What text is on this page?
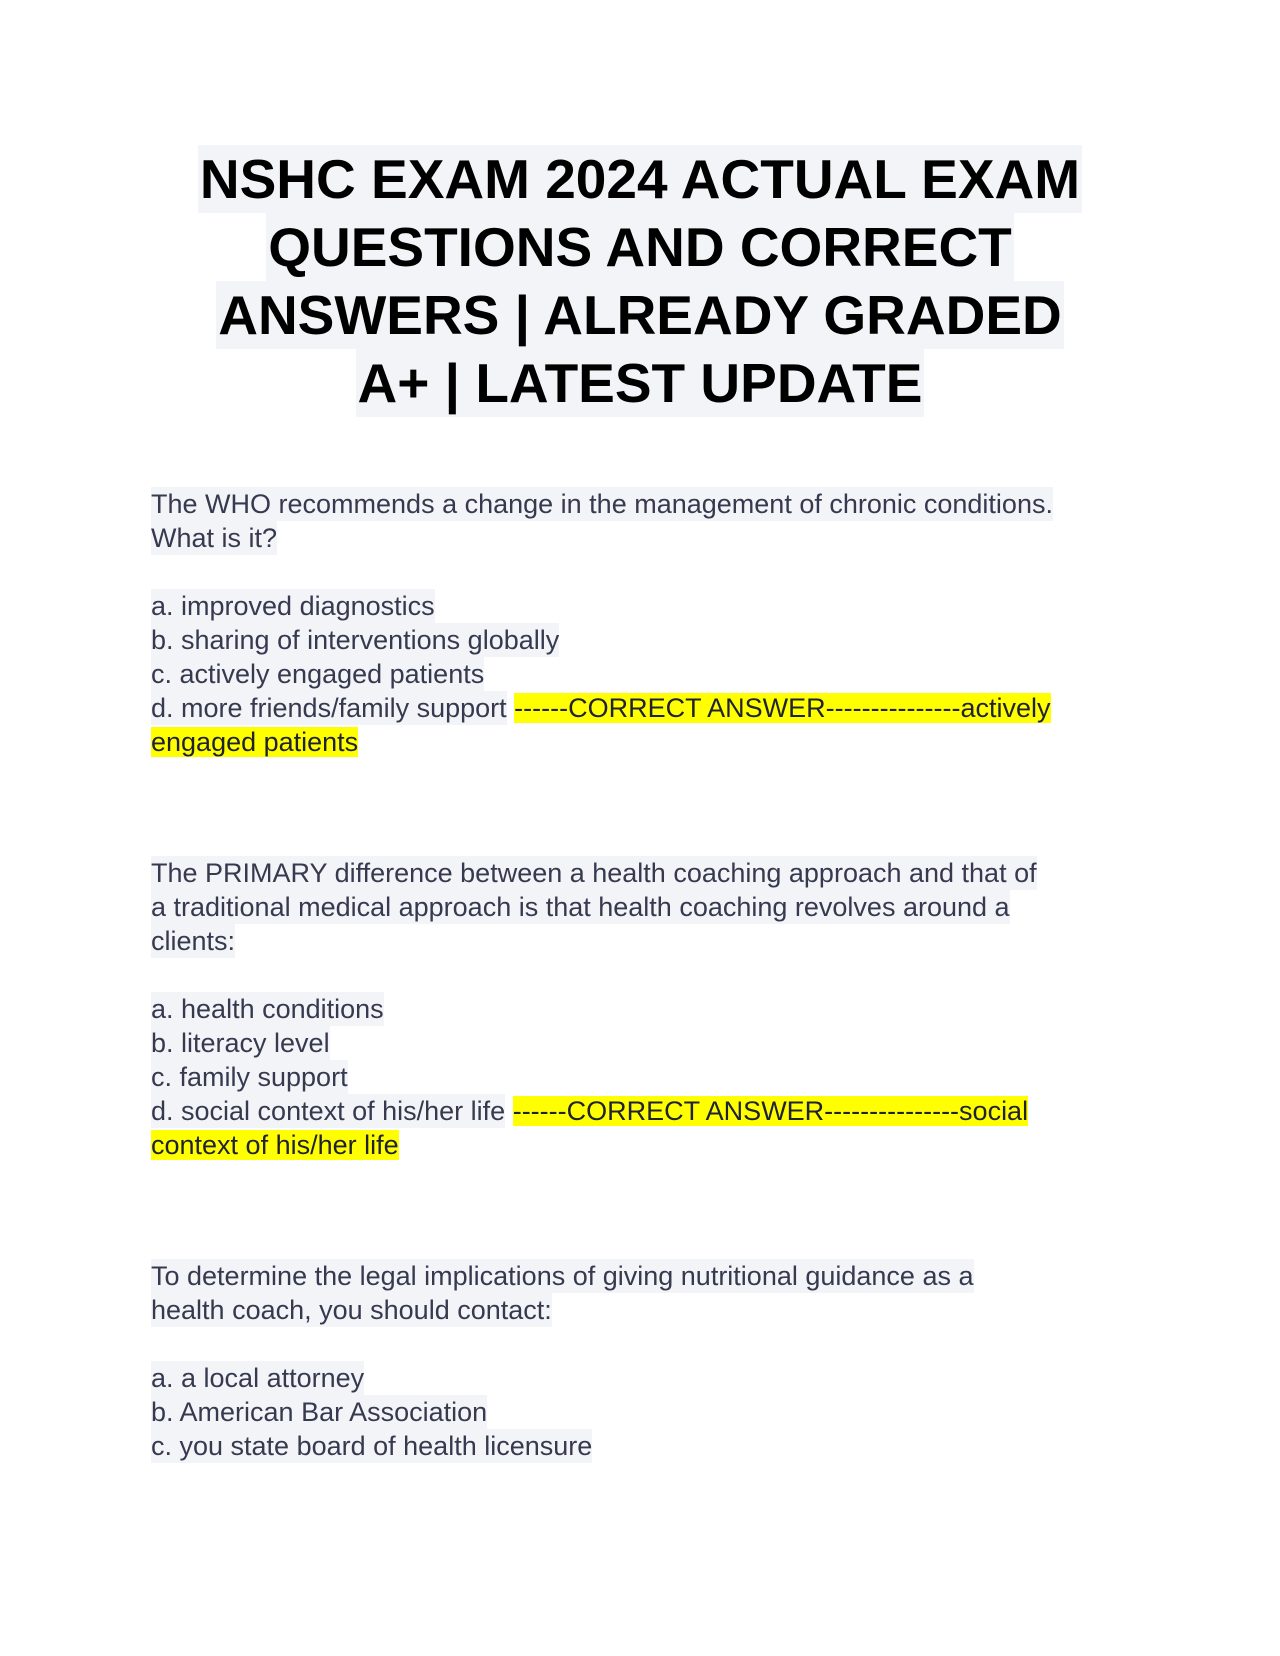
NSHC EXAM 2024 ACTUAL EXAM
QUESTIONS AND CORRECT
ANSWERS | ALREADY GRADED
A+ | LATEST UPDATE
The WHO recommends a change in the management of chronic conditions.
What is it?
a. improved diagnostics
b. sharing of interventions globally
c. actively engaged patients
d. more friends/family support ------CORRECT ANSWER---------------actively
engaged patients
The PRIMARY difference between a health coaching approach and that of
a traditional medical approach is that health coaching revolves around a
clients:
a. health conditions
b. literacy level
c. family support
d. social context of his/her life ------CORRECT ANSWER---------------social
context of his/her life
To determine the legal implications of giving nutritional guidance as a
health coach, you should contact:
a. a local attorney
b. American Bar Association
c. you state board of health licensure
